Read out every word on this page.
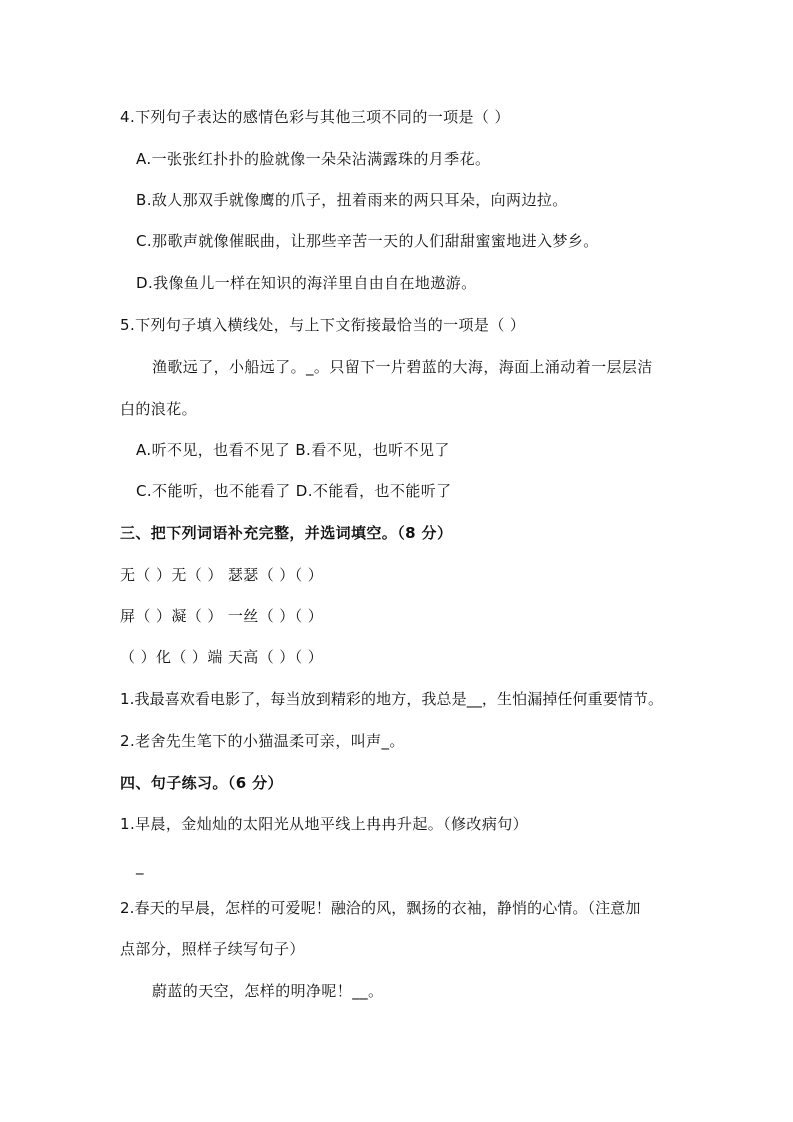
4.下列句子表达的感情色彩与其他三项不同的一项是（ ）
A.一张张红扑扑的脸就像一朵朵沾满露珠的月季花。
B.敌人那双手就像鹰的爪子，扭着雨来的两只耳朵，向两边拉。
C.那歌声就像催眠曲，让那些辛苦一天的人们甜甜蜜蜜地进入梦乡。
D.我像鱼儿一样在知识的海洋里自由自在地遨游。
5.下列句子填入横线处，与上下文衔接最恰当的一项是（ ）
渔歌远了，小船远了。_。只留下一片碧蓝的大海，海面上涌动着一层层洁
白的浪花。
A.听不见，也看不见了 B.看不见，也听不见了
C.不能听，也不能看了 D.不能看，也不能听了
三、把下列词语补充完整，并选词填空。（8 分）
无（ ）无（ ） 瑟瑟（ ）（ ）
屏（ ）凝（ ） 一丝（ ）（ ）
（ ）化（ ）端 天高（ ）（ ）
1.我最喜欢看电影了，每当放到精彩的地方，我总是__，生怕漏掉任何重要情节。
2.老舍先生笔下的小猫温柔可亲，叫声_。
四、句子练习。（6 分）
1.早晨，金灿灿的太阳光从地平线上冉冉升起。（修改病句）
_
2.春天的早晨，怎样的可爱呢！融洽的风，飘扬的衣袖，静悄的心情。（注意加
点部分，照样子续写句子）
蔚蓝的天空，怎样的明净呢！__。
